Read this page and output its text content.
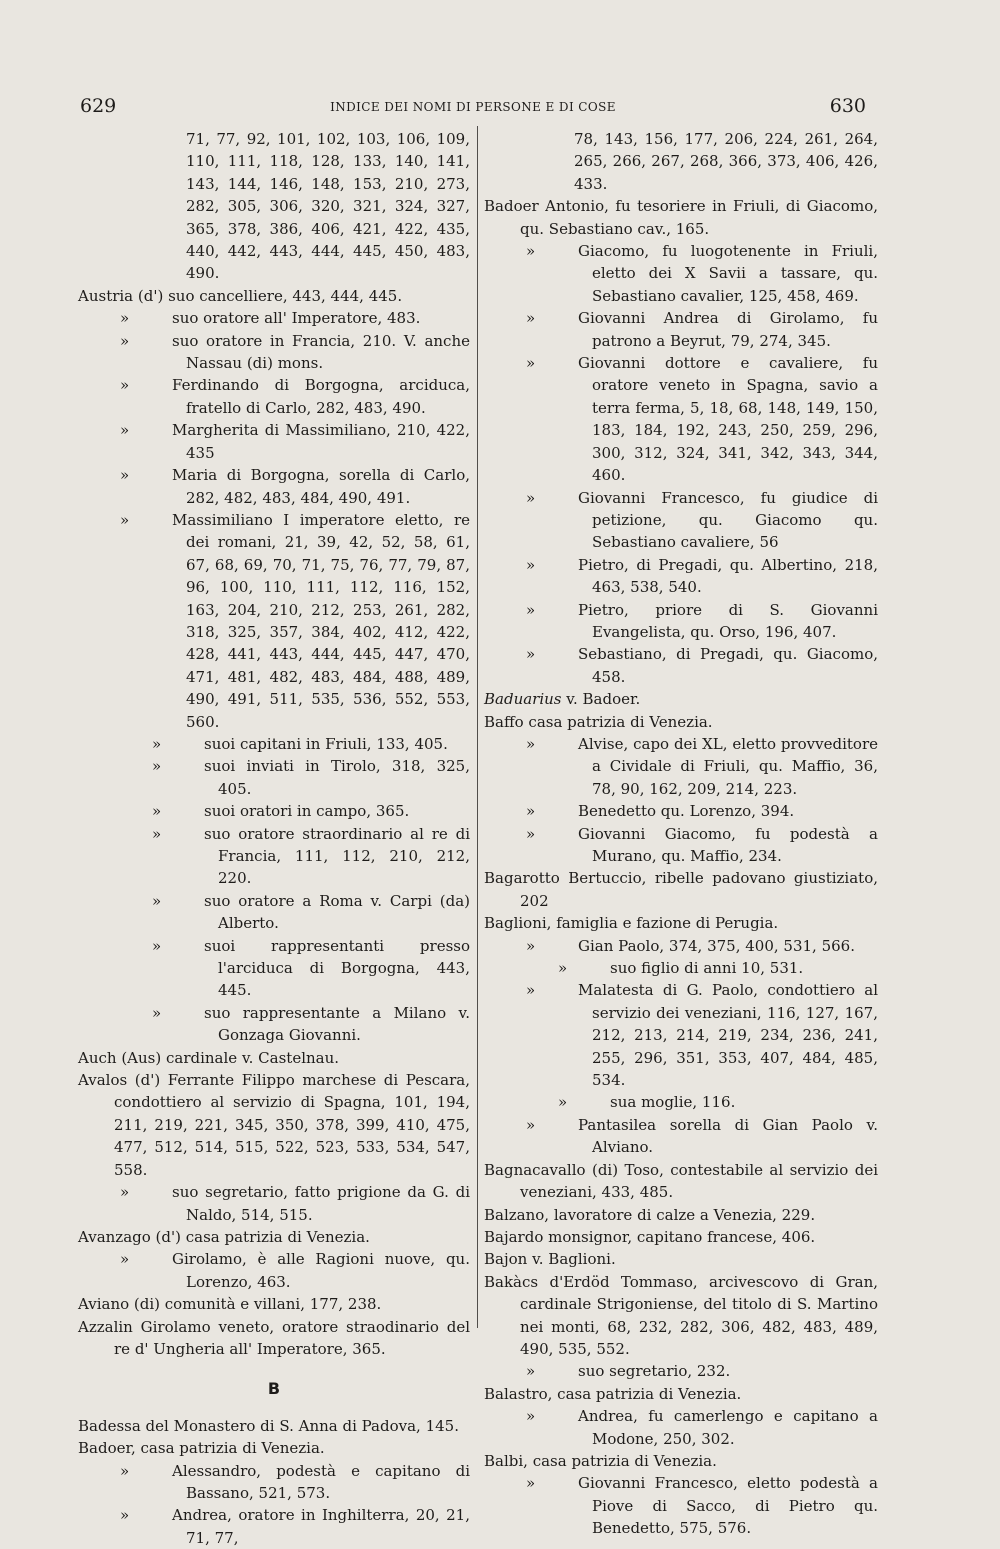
629	INDICE DEI NOMI DI PERSONE E DI COSE	630

71, 77, 92, 101, 102, 103, 106, 109, 110, 111, 118, 128, 133, 140, 141, 143, 144, 146, 148, 153, 210, 273, 282, 305, 306, 320, 321, 324, 327, 365, 378, 386, 406, 421, 422, 435, 440, 442, 443, 444, 445, 450, 483, 490.

Austria (d') suo cancelliere, 443, 444, 445.

»	suo oratore all' Imperatore, 483.

»	suo oratore in Francia, 210. V. anche Nassau (di) mons.

»	Ferdinando di Borgogna, arciduca, fratello di Carlo, 282, 483, 490.

»	Margherita di Massimiliano, 210, 422, 435

»	Maria di Borgogna, sorella di Carlo, 282, 482, 483, 484, 490, 491.

»	Massimiliano I imperatore eletto, re dei romani, 21, 39, 42, 52, 58, 61, 67, 68, 69, 70, 71, 75, 76, 77, 79, 87, 96, 100, 110, 111, 112, 116, 152, 163, 204, 210, 212, 253, 261, 282, 318, 325, 357, 384, 402, 412, 422, 428, 441, 443, 444, 445, 447, 470, 471, 481, 482, 483, 484, 488, 489, 490, 491, 511, 535, 536, 552, 553, 560.

»	suoi capitani in Friuli, 133, 405.

»	suoi inviati in Tirolo, 318, 325, 405.

»	suoi oratori in campo, 365.

»	suo oratore straordinario al re di Francia, 111, 112, 210, 212, 220.

»	suo oratore a Roma v. Carpi (da) Alberto.

»	suoi rappresentanti presso l'arciduca di Borgogna, 443, 445.

»	suo rappresentante a Milano v. Gonzaga Giovanni.

Auch (Aus) cardinale v. Castelnau.

Avalos (d') Ferrante Filippo marchese di Pescara, condottiero al servizio di Spagna, 101, 194, 211, 219, 221, 345, 350, 378, 399, 410, 475, 477, 512, 514, 515, 522, 523, 533, 534, 547, 558.

»	suo segretario, fatto prigione da G. di Naldo, 514, 515.

Avanzago (d') casa patrizia di Venezia.

»	Girolamo, è alle Ragioni nuove, qu. Lorenzo, 463.

Aviano (di) comunità e villani, 177, 238.

Azzalin Girolamo veneto, oratore straodinario del re d' Ungheria all' Imperatore, 365.

B

Badessa del Monastero di S. Anna di Padova, 145.

Badoer, casa patrizia di Venezia.

»	Alessandro, podestà e capitano di Bassano, 521, 573.

»	Andrea, oratore in Inghilterra, 20, 21, 71, 77,

78, 143, 156, 177, 206, 224, 261, 264, 265, 266, 267, 268, 366, 373, 406, 426, 433.

Badoer Antonio, fu tesoriere in Friuli, di Giacomo, qu. Sebastiano cav., 165.

»	Giacomo, fu luogotenente in Friuli, eletto dei X Savii a tassare, qu. Sebastiano cavalier, 125, 458, 469.

»	Giovanni Andrea di Girolamo, fu patrono a Beyrut, 79, 274, 345.

»	Giovanni dottore e cavaliere, fu oratore veneto in Spagna, savio a terra ferma, 5, 18, 68, 148, 149, 150, 183, 184, 192, 243, 250, 259, 296, 300, 312, 324, 341, 342, 343, 344, 460.

»	Giovanni Francesco, fu giudice di petizione, qu. Giacomo qu. Sebastiano cavaliere, 56

»	Pietro, di Pregadi, qu. Albertino, 218, 463, 538, 540.

»	Pietro, priore di S. Giovanni Evangelista, qu. Orso, 196, 407.

»	Sebastiano, di Pregadi, qu. Giacomo, 458.

Baduarius v. Badoer.

Baffo casa patrizia di Venezia.

»	Alvise, capo dei XL, eletto provveditore a Cividale di Friuli, qu. Maffio, 36, 78, 90, 162, 209, 214, 223.

»	Benedetto qu. Lorenzo, 394.

»	Giovanni Giacomo, fu podestà a Murano, qu. Maffio, 234.

Bagarotto Bertuccio, ribelle padovano giustiziato, 202

Baglioni, famiglia e fazione di Perugia.

»	Gian Paolo, 374, 375, 400, 531, 566.

»	suo figlio di anni 10, 531.

»	Malatesta di G. Paolo, condottiero al servizio dei veneziani, 116, 127, 167, 212, 213, 214, 219, 234, 236, 241, 255, 296, 351, 353, 407, 484, 485, 534.

»	sua moglie, 116.

»	Pantasilea sorella di Gian Paolo v. Alviano.

Bagnacavallo (di) Toso, contestabile al servizio dei veneziani, 433, 485.

Balzano, lavoratore di calze a Venezia, 229.

Bajardo monsignor, capitano francese, 406.

Bajon v. Baglioni.

Bakàcs d'Erdöd Tommaso, arcivescovo di Gran, cardinale Strigoniense, del titolo di S. Martino nei monti, 68, 232, 282, 306, 482, 483, 489, 490, 535, 552.

»	suo segretario, 232.

Balastro, casa patrizia di Venezia.

»	Andrea, fu camerlengo e capitano a Modone, 250, 302.

Balbi, casa patrizia di Venezia.

»	Giovanni Francesco, eletto podestà a Piove di Sacco, di Pietro qu. Benedetto, 575, 576.
